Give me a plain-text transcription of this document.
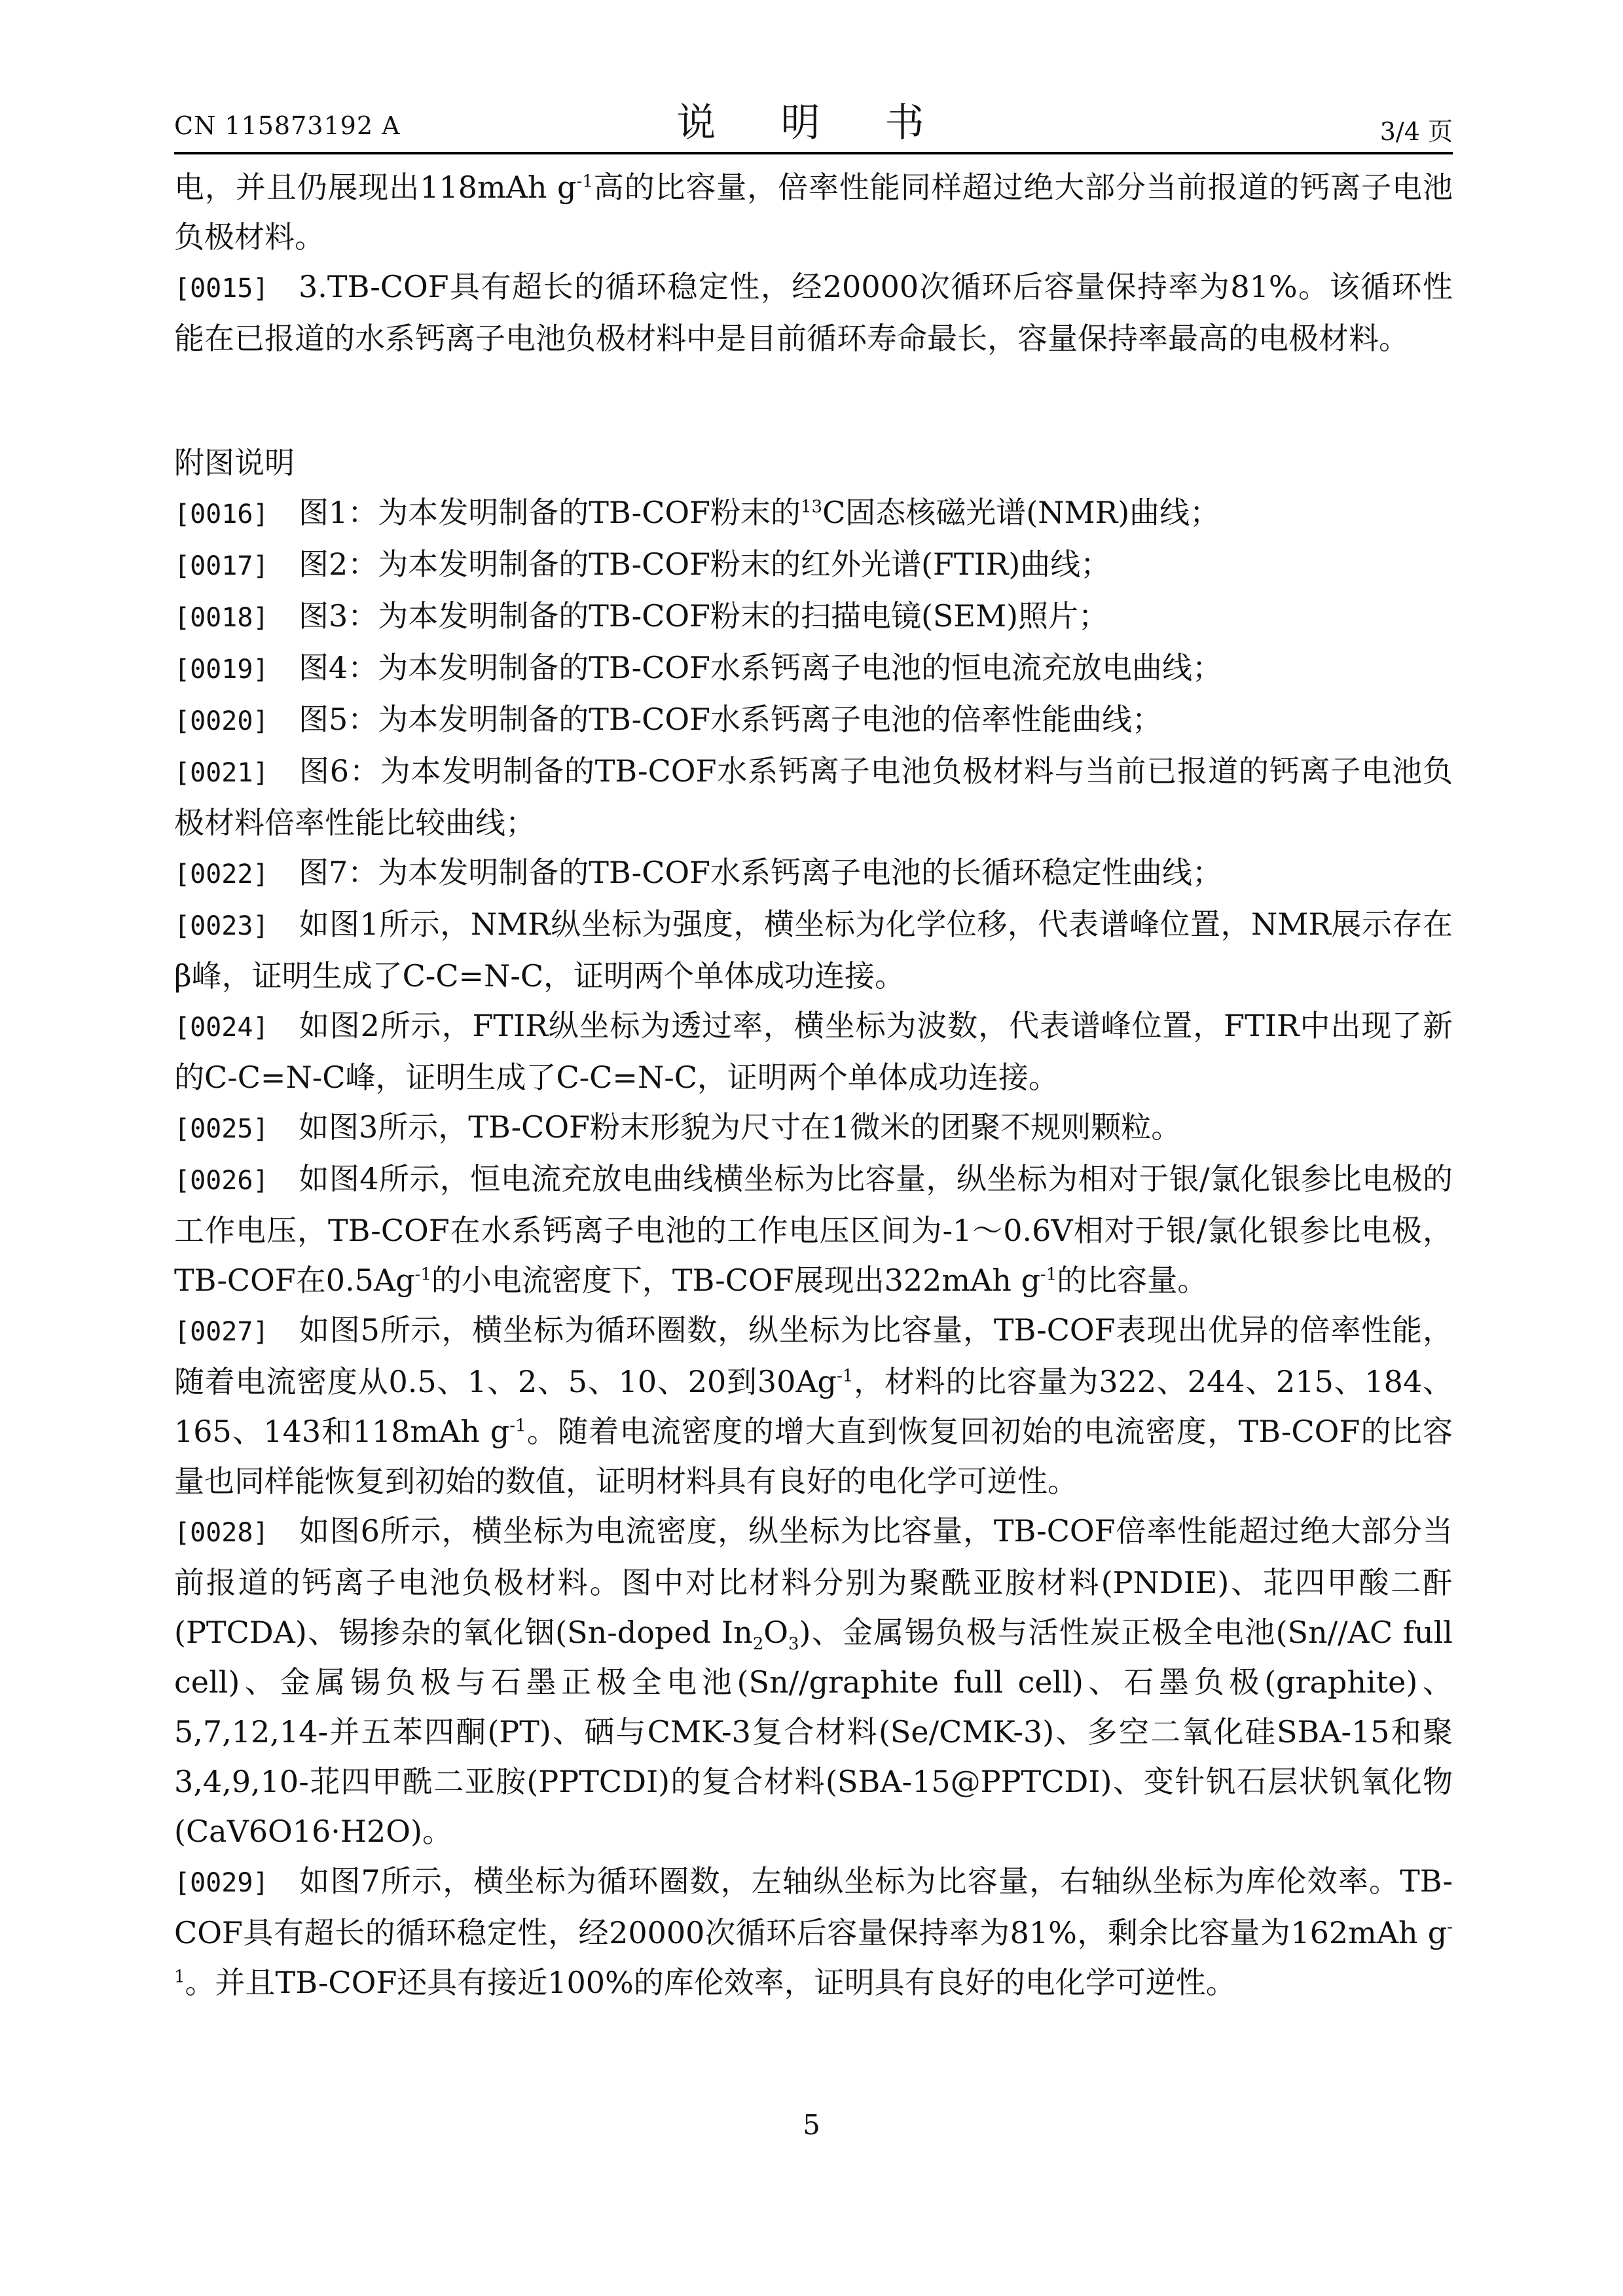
CN 115873192 A	说 明 书	3/4 页

电，并且仍展现出118mAh $g^{-1}$高的比容量，倍率性能同样超过绝大部分当前报道的钙离子电池负极材料。

[0015] 3.TB-COF具有超长的循环稳定性，经20000次循环后容量保持率为81%。该循环性能在已报道的水系钙离子电池负极材料中是目前循环寿命最长，容量保持率最高的电极材料。

附图说明

[0016] 图1：为本发明制备的TB-COF粉末的$^{13}$C固态核磁光谱(NMR)曲线；

[0017] 图2：为本发明制备的TB-COF粉末的红外光谱(FTIR)曲线；

[0018] 图3：为本发明制备的TB-COF粉末的扫描电镜(SEM)照片；

[0019] 图4：为本发明制备的TB-COF水系钙离子电池的恒电流充放电曲线；

[0020] 图5：为本发明制备的TB-COF水系钙离子电池的倍率性能曲线；

[0021] 图6：为本发明制备的TB-COF水系钙离子电池负极材料与当前已报道的钙离子电池负极材料倍率性能比较曲线；

[0022] 图7：为本发明制备的TB-COF水系钙离子电池的长循环稳定性曲线；

[0023] 如图1所示，NMR纵坐标为强度，横坐标为化学位移，代表谱峰位置，NMR展示存在β峰，证明生成了C-C=N-C，证明两个单体成功连接。

[0024] 如图2所示，FTIR纵坐标为透过率，横坐标为波数，代表谱峰位置，FTIR中出现了新的C-C=N-C峰，证明生成了C-C=N-C，证明两个单体成功连接。

[0025] 如图3所示，TB-COF粉末形貌为尺寸在1微米的团聚不规则颗粒。

[0026] 如图4所示，恒电流充放电曲线横坐标为比容量，纵坐标为相对于银/氯化银参比电极的工作电压，TB-COF在水系钙离子电池的工作电压区间为-1～0.6V相对于银/氯化银参比电极，TB-COF在$0.5Ag^{-1}$的小电流密度下，TB-COF展现出322mAh $g^{-1}$的比容量。

[0027] 如图5所示，横坐标为循环圈数，纵坐标为比容量，TB-COF表现出优异的倍率性能，随着电流密度从0.5、1、2、5、10、20到$30Ag^{-1}$，材料的比容量为322、244、215、184、165、143和118mAh $g^{-1}$。随着电流密度的增大直到恢复回初始的电流密度，TB-COF的比容量也同样能恢复到初始的数值，证明材料具有良好的电化学可逆性。

[0028] 如图6所示，横坐标为电流密度，纵坐标为比容量，TB-COF倍率性能超过绝大部分当前报道的钙离子电池负极材料。图中对比材料分别为聚酰亚胺材料(PNDIE)、苝四甲酸二酐(PTCDA)、锡掺杂的氧化铟(Sn-doped $In_2O_3$)、金属锡负极与活性炭正极全电池(Sn//AC full cell)、金属锡负极与石墨正极全电池(Sn//graphite full cell)、石墨负极(graphite)、5,7,12,14-并五苯四酮(PT)、硒与CMK-3复合材料(Se/CMK-3)、多空二氧化硅SBA-15和聚3,4,9,10-苝四甲酰二亚胺(PPTCDI)的复合材料(SBA-15@PPTCDI)、变针钒石层状钒氧化物(CaV6O16·H2O)。

[0029] 如图7所示，横坐标为循环圈数，左轴纵坐标为比容量，右轴纵坐标为库伦效率。TB-COF具有超长的循环稳定性，经20000次循环后容量保持率为81%，剩余比容量为162mAh $g^{-1}$。并且TB-COF还具有接近100%的库伦效率，证明具有良好的电化学可逆性。

5
